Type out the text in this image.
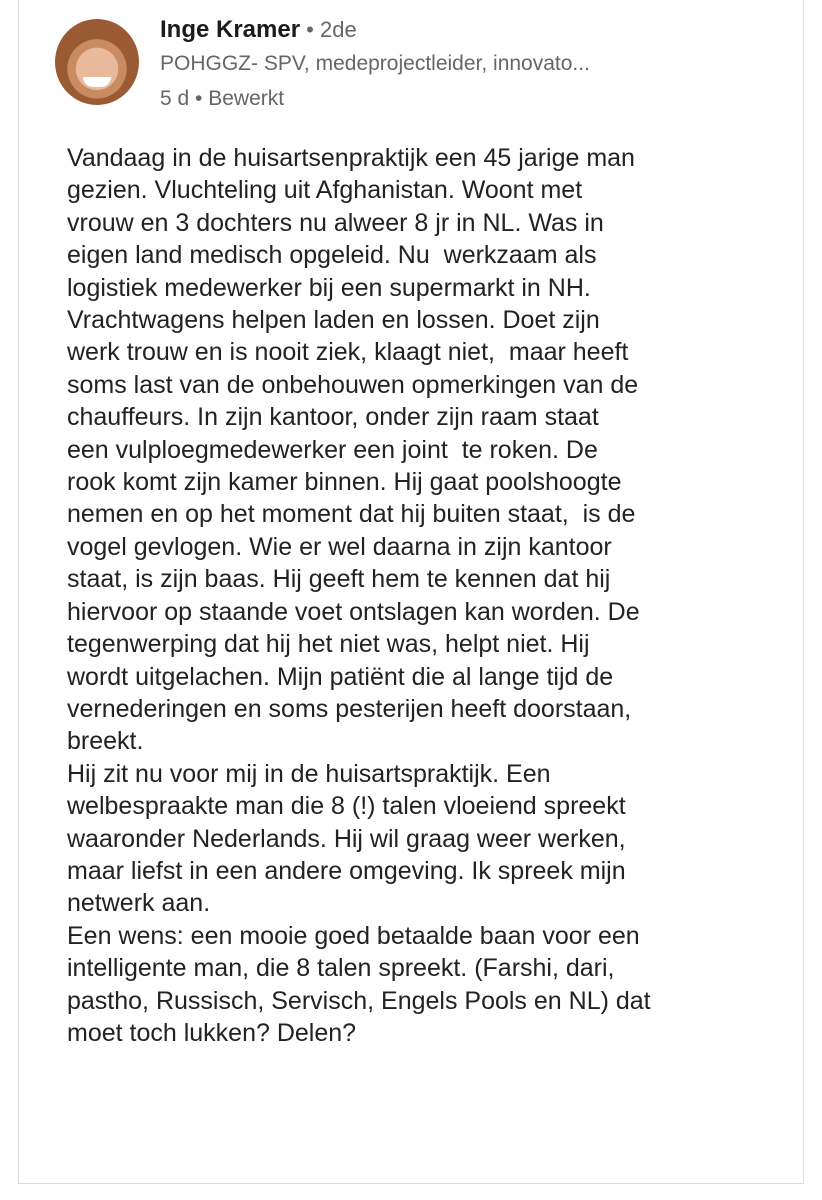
Inge Kramer • 2de
POHGGZ- SPV, medeprojectleider, innovato...
5 d • Bewerkt
Vandaag in de huisartsenpraktijk een 45 jarige man
gezien. Vluchteling uit Afghanistan. Woont met
vrouw en 3 dochters nu alweer 8 jr in NL. Was in
eigen land medisch opgeleid. Nu  werkzaam als
logistiek medewerker bij een supermarkt in NH.
Vrachtwagens helpen laden en lossen. Doet zijn
werk trouw en is nooit ziek, klaagt niet,  maar heeft
soms last van de onbehouwen opmerkingen van de
chauffeurs. In zijn kantoor, onder zijn raam staat
een vulploegmedewerker een joint  te roken. De
rook komt zijn kamer binnen. Hij gaat poolshoogte
nemen en op het moment dat hij buiten staat,  is de
vogel gevlogen. Wie er wel daarna in zijn kantoor
staat, is zijn baas. Hij geeft hem te kennen dat hij
hiervoor op staande voet ontslagen kan worden. De
tegenwerping dat hij het niet was, helpt niet. Hij
wordt uitgelachen. Mijn patiënt die al lange tijd de
vernederingen en soms pesterijen heeft doorstaan,
breekt.
Hij zit nu voor mij in de huisartspraktijk. Een
welbespraakte man die 8 (!) talen vloeiend spreekt
waaronder Nederlands. Hij wil graag weer werken,
maar liefst in een andere omgeving. Ik spreek mijn
netwerk aan.
Een wens: een mooie goed betaalde baan voor een
intelligente man, die 8 talen spreekt. (Farshi, dari,
pastho, Russisch, Servisch, Engels Pools en NL) dat
moet toch lukken? Delen?
